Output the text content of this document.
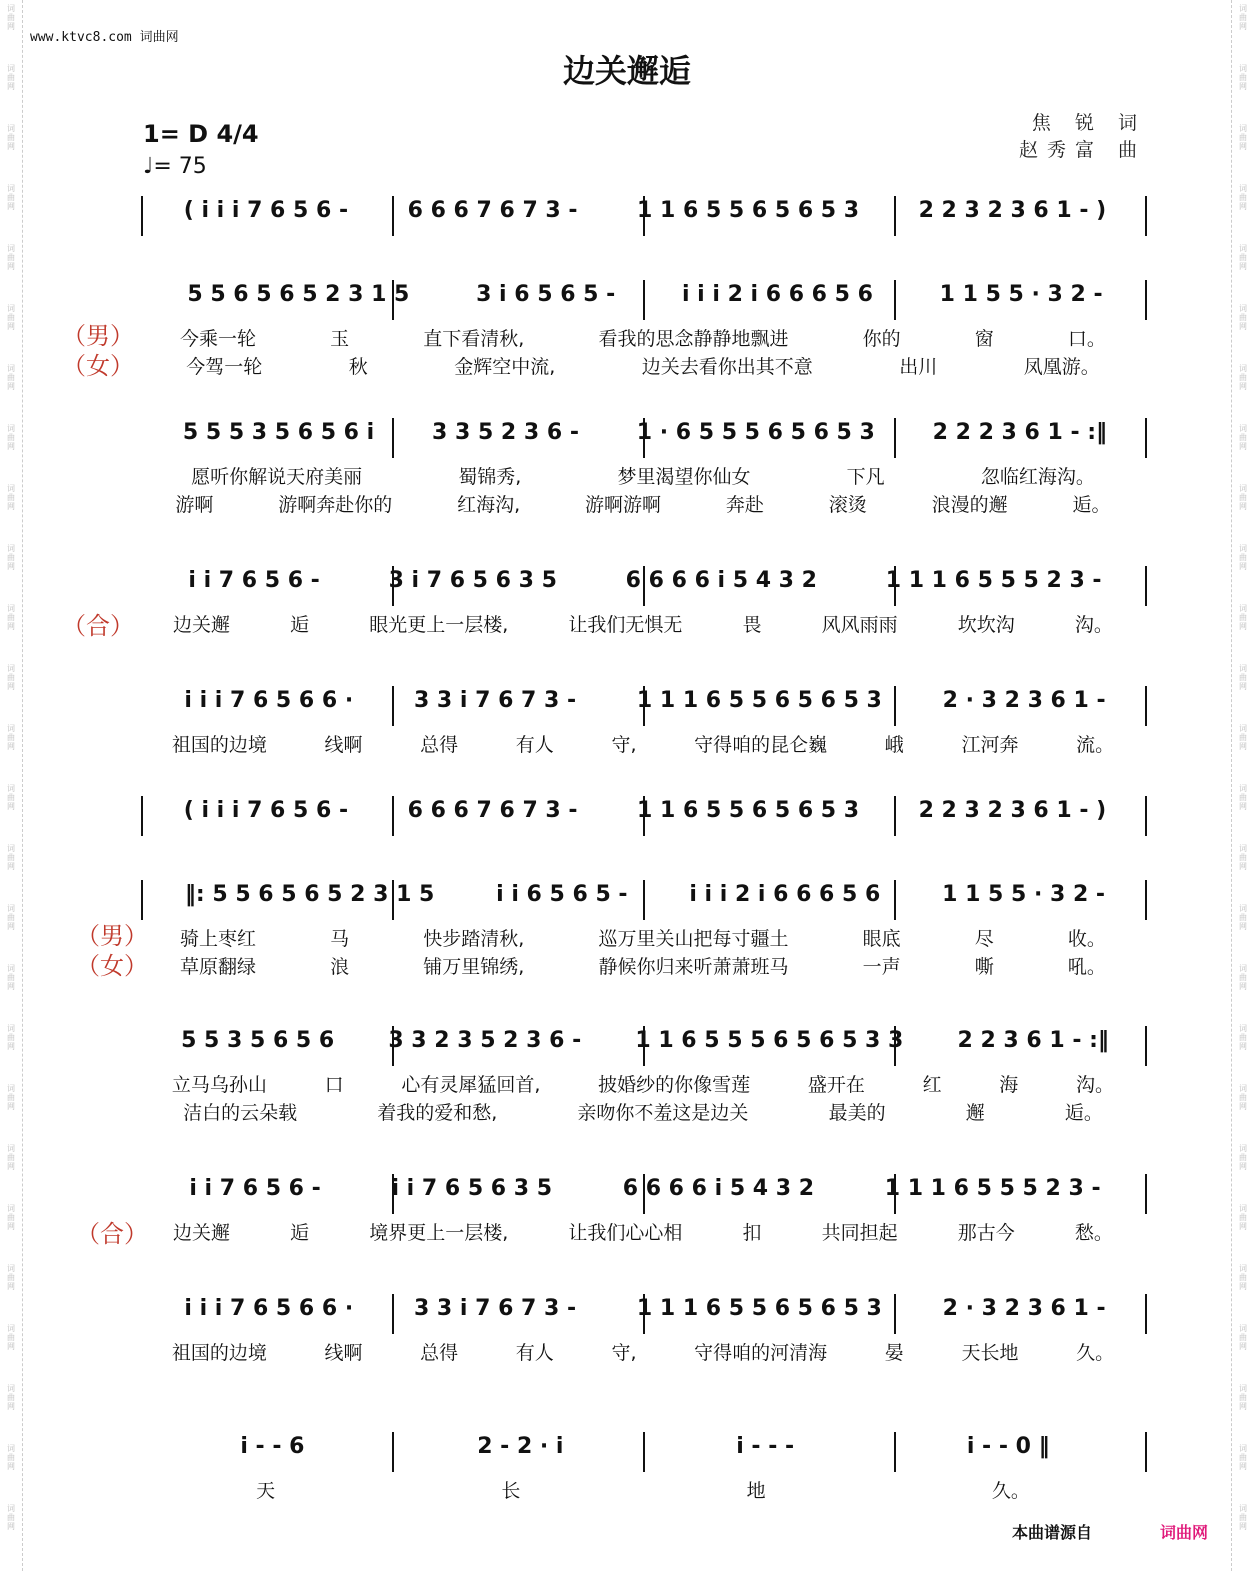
www.ktvc8.com 词曲网
边关邂逅
1= D 4/4
♩= 75
焦 锐 词
赵秀富 曲
( i i i 7 6 5 6 -	6 6 6 7 6 7 3 -	1 1 6 5 5 6 5 6 5 3	2 2 3 2 3 6 1 - )
5 5 6 5 6 5 2 3 1 5	3 i 6 5 6 5 -	i i i 2 i 6 6 6 5 6	1 1 5 5 · 3 2 -
今乘一轮	玉	直下看清秋,	看我的思念静静地飘进	你的	窗	口。
今驾一轮	秋	金辉空中流,	边关去看你出其不意	出川	凤凰游。
（男）
（女）
5 5 5 3 5 6 5 6 i	3 3 5 2 3 6 -	1 · 6 5 5 5 6 5 6 5 3	2 2 2 3 6 1 - :‖
愿听你解说天府美丽	蜀锦秀,	梦里渴望你仙女	下凡	忽临红海沟。
游啊	游啊奔赴你的	红海沟,	游啊游啊	奔赴	滚烫	浪漫的邂	逅。
i i 7 6 5 6 -	3 i 7 6 5 6 3 5	6 6 6 6 i 5 4 3 2	1 1 1 6 5 5 5 2 3 -
边关邂	逅	眼光更上一层楼,	让我们无惧无	畏	风风雨雨	坎坎沟	沟。
（合）
i i i 7 6 5 6 6 ·	3 3 i 7 6 7 3 -	1 1 1 6 5 5 6 5 6 5 3	2 · 3 2 3 6 1 -
祖国的边境	线啊	总得	有人	守,	守得咱的昆仑巍	峨	江河奔	流。
( i i i 7 6 5 6 -	6 6 6 7 6 7 3 -	1 1 6 5 5 6 5 6 5 3	2 2 3 2 3 6 1 - )
‖: 5 5 6 5 6 5 2 3 1 5	i i 6 5 6 5 -	i i i 2 i 6 6 6 5 6	1 1 5 5 · 3 2 -
骑上枣红	马	快步踏清秋,	巡万里关山把每寸疆土	眼底	尽	收。
草原翻绿	浪	铺万里锦绣,	静候你归来听萧萧班马	一声	嘶	吼。
（男）
（女）
5 5 3 5 6 5 6 3 3 2 3 5 2 3 6 - 1 1 6 5 5 5 6 5 6 5 3 3 2 2 3 6 1 - :‖
立马乌孙山	口	心有灵犀猛回首,	披婚纱的你像雪莲	盛开在	红	海	沟。
洁白的云朵载	着我的爱和愁,	亲吻你不羞这是边关	最美的	邂	逅。
i i 7 6 5 6 -	i i 7 6 5 6 3 5	6 6 6 6 i 5 4 3 2	1 1 1 6 5 5 5 2 3 -
边关邂	逅	境界更上一层楼,	让我们心心相	扣	共同担起	那古今	愁。
（合）
i i i 7 6 5 6 6 ·	3 3 i 7 6 7 3 -	1 1 1 6 5 5 6 5 6 5 3	2 · 3 2 3 6 1 -
祖国的边境	线啊	总得	有人	守,	守得咱的河清海	晏	天长地	久。
i - - 6	2 - 2 · i	i - - -	i - - 0 ‖
天	长	地	久。
本曲谱源自	词曲网
词
曲
网
词
曲
网
词
曲
网
词
曲
网
词
曲
网
词
曲
网
词
曲
网
词
曲
网
词
曲
网
词
曲
网
词
曲
网
词
曲
网
词
曲
网
词
曲
网
词
曲
网
词
曲
网
词
曲
网
词
曲
网
词
曲
网
词
曲
网
词
曲
网
词
曲
网
词
曲
网
词
曲
网
词
曲
网
词
曲
网
词
曲
网
词
曲
网
词
曲
网
词
曲
网
词
曲
网
词
曲
网
词
曲
网
词
曲
网
词
曲
网
词
曲
网
词
曲
网
词
曲
网
词
曲
网
词
曲
网
词
曲
网
词
曲
网
词
曲
网
词
曲
网
词
曲
网
词
曲
网
词
曲
网
词
曲
网
词
曲
网
词
曲
网
词
曲
网
词
曲
网
